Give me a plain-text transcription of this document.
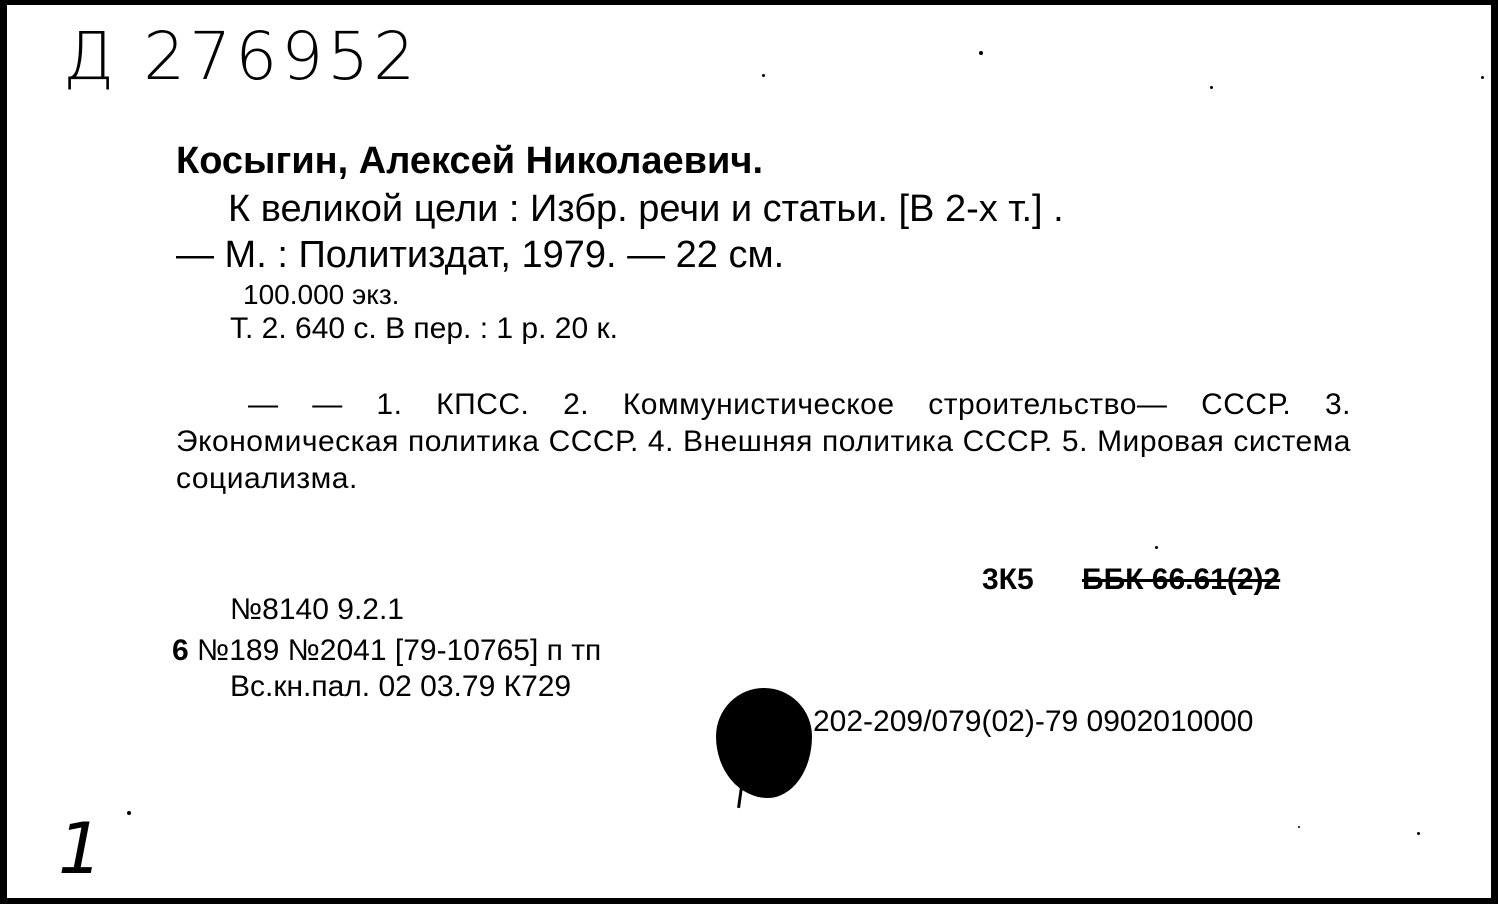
Д 276952
Косыгин, Алексей Николаевич.
К великой цели : Избр. речи и статьи. [В 2-х т.] .
— М. : Политиздат, 1979. — 22 см.
100.000 экз.
Т. 2. 640 с. В пер. : 1 р. 20 к.
— — 1. КПСС. 2. Коммунистическое строительство— СССР. 3. Экономическая политика СССР. 4. Внешняя политика СССР. 5. Мировая система социализма.
3К5 ББК 66.61(2)2
№8140 9.2.1
6 №189 №2041 [79-10765] п тп
Вс.кн.пал. 02 03.79 К729
202-209/079(02)-79 0902010000
1
